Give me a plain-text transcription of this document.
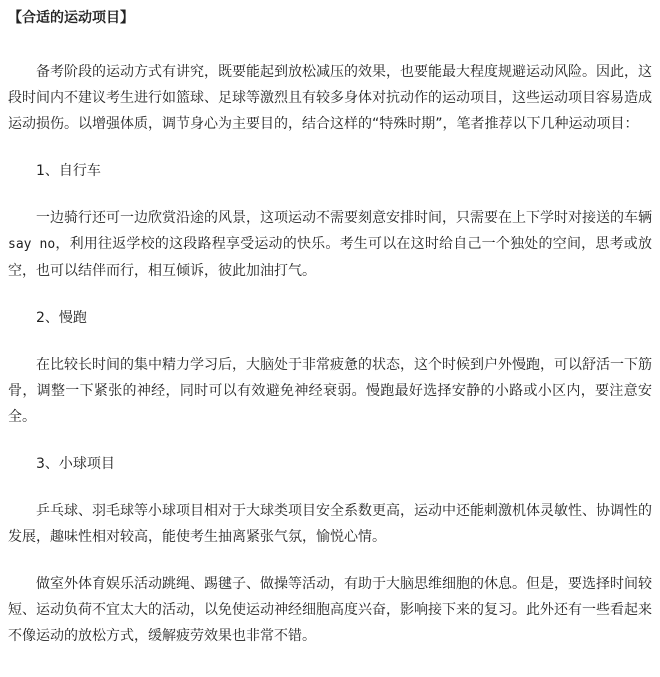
【合适的运动项目】

备考阶段的运动方式有讲究，既要能起到放松减压的效果，也要能最大程度规避运动风险。因此，这段时间内不建议考生进行如篮球、足球等激烈且有较多身体对抗动作的运动项目，这些运动项目容易造成运动损伤。以增强体质，调节身心为主要目的，结合这样的“特殊时期”，笔者推荐以下几种运动项目：

1、自行车

一边骑行还可一边欣赏沿途的风景，这项运动不需要刻意安排时间，只需要在上下学时对接送的车辆 say no，利用往返学校的这段路程享受运动的快乐。考生可以在这时给自己一个独处的空间，思考或放空，也可以结伴而行，相互倾诉，彼此加油打气。

2、慢跑

在比较长时间的集中精力学习后，大脑处于非常疲惫的状态，这个时候到户外慢跑，可以舒活一下筋骨，调整一下紧张的神经，同时可以有效避免神经衰弱。慢跑最好选择安静的小路或小区内，要注意安全。

3、小球项目

乒乓球、羽毛球等小球项目相对于大球类项目安全系数更高，运动中还能刺激机体灵敏性、协调性的发展，趣味性相对较高，能使考生抽离紧张气氛，愉悦心情。

做室外体育娱乐活动跳绳、踢毽子、做操等活动，有助于大脑思维细胞的休息。但是，要选择时间较短、运动负荷不宜太大的活动，以免使运动神经细胞高度兴奋，影响接下来的复习。此外还有一些看起来不像运动的放松方式，缓解疲劳效果也非常不错。
